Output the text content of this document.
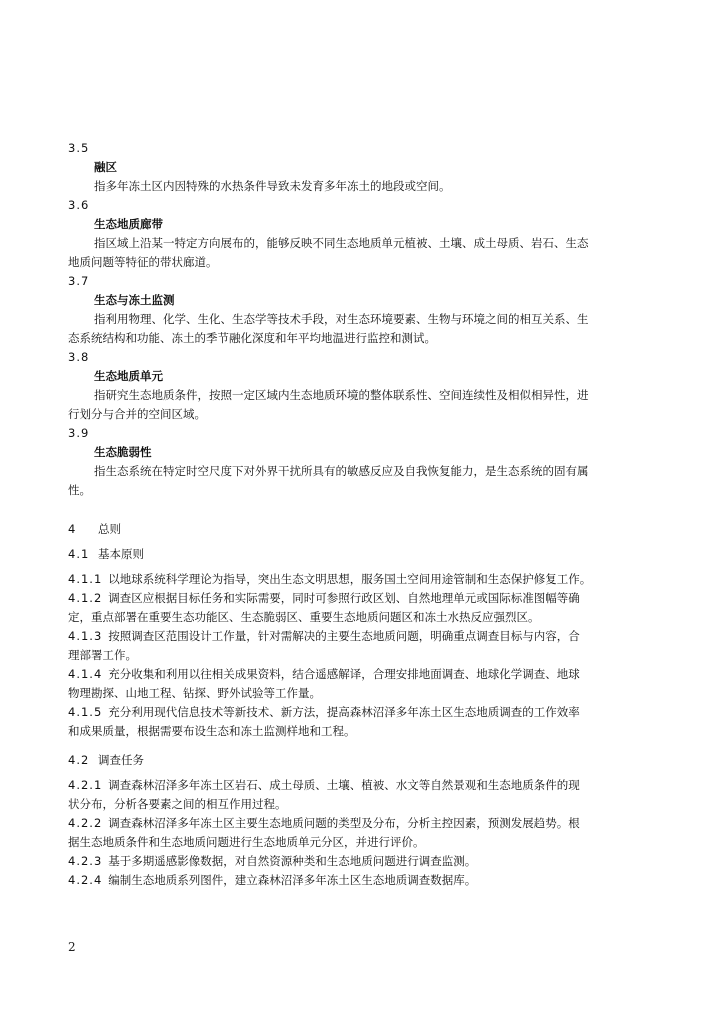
3.5
融区
指多年冻土区内因特殊的水热条件导致未发育多年冻土的地段或空间。
3.6
生态地质廊带
指区域上沿某一特定方向展布的，能够反映不同生态地质单元植被、土壤、成土母质、岩石、生态
地质问题等特征的带状廊道。
3.7
生态与冻土监测
指利用物理、化学、生化、生态学等技术手段，对生态环境要素、生物与环境之间的相互关系、生
态系统结构和功能、冻土的季节融化深度和年平均地温进行监控和测试。
3.8
生态地质单元
指研究生态地质条件，按照一定区域内生态地质环境的整体联系性、空间连续性及相似相异性，进
行划分与合并的空间区域。
3.9
生态脆弱性
指生态系统在特定时空尺度下对外界干扰所具有的敏感反应及自我恢复能力，是生态系统的固有属
性。
4 总则
4.1 基本原则
4.1.1 以地球系统科学理论为指导，突出生态文明思想，服务国土空间用途管制和生态保护修复工作。
4.1.2 调查区应根据目标任务和实际需要，同时可参照行政区划、自然地理单元或国际标准图幅等确
定，重点部署在重要生态功能区、生态脆弱区、重要生态地质问题区和冻土水热反应强烈区。
4.1.3 按照调查区范围设计工作量，针对需解决的主要生态地质问题，明确重点调查目标与内容，合
理部署工作。
4.1.4 充分收集和利用以往相关成果资料，结合遥感解译，合理安排地面调查、地球化学调查、地球
物理勘探、山地工程、钻探、野外试验等工作量。
4.1.5 充分利用现代信息技术等新技术、新方法，提高森林沼泽多年冻土区生态地质调查的工作效率
和成果质量，根据需要布设生态和冻土监测样地和工程。
4.2 调查任务
4.2.1 调查森林沼泽多年冻土区岩石、成土母质、土壤、植被、水文等自然景观和生态地质条件的现
状分布，分析各要素之间的相互作用过程。
4.2.2 调查森林沼泽多年冻土区主要生态地质问题的类型及分布，分析主控因素，预测发展趋势。根
据生态地质条件和生态地质问题进行生态地质单元分区，并进行评价。
4.2.3 基于多期遥感影像数据，对自然资源种类和生态地质问题进行调查监测。
4.2.4 编制生态地质系列图件，建立森林沼泽多年冻土区生态地质调查数据库。
2
